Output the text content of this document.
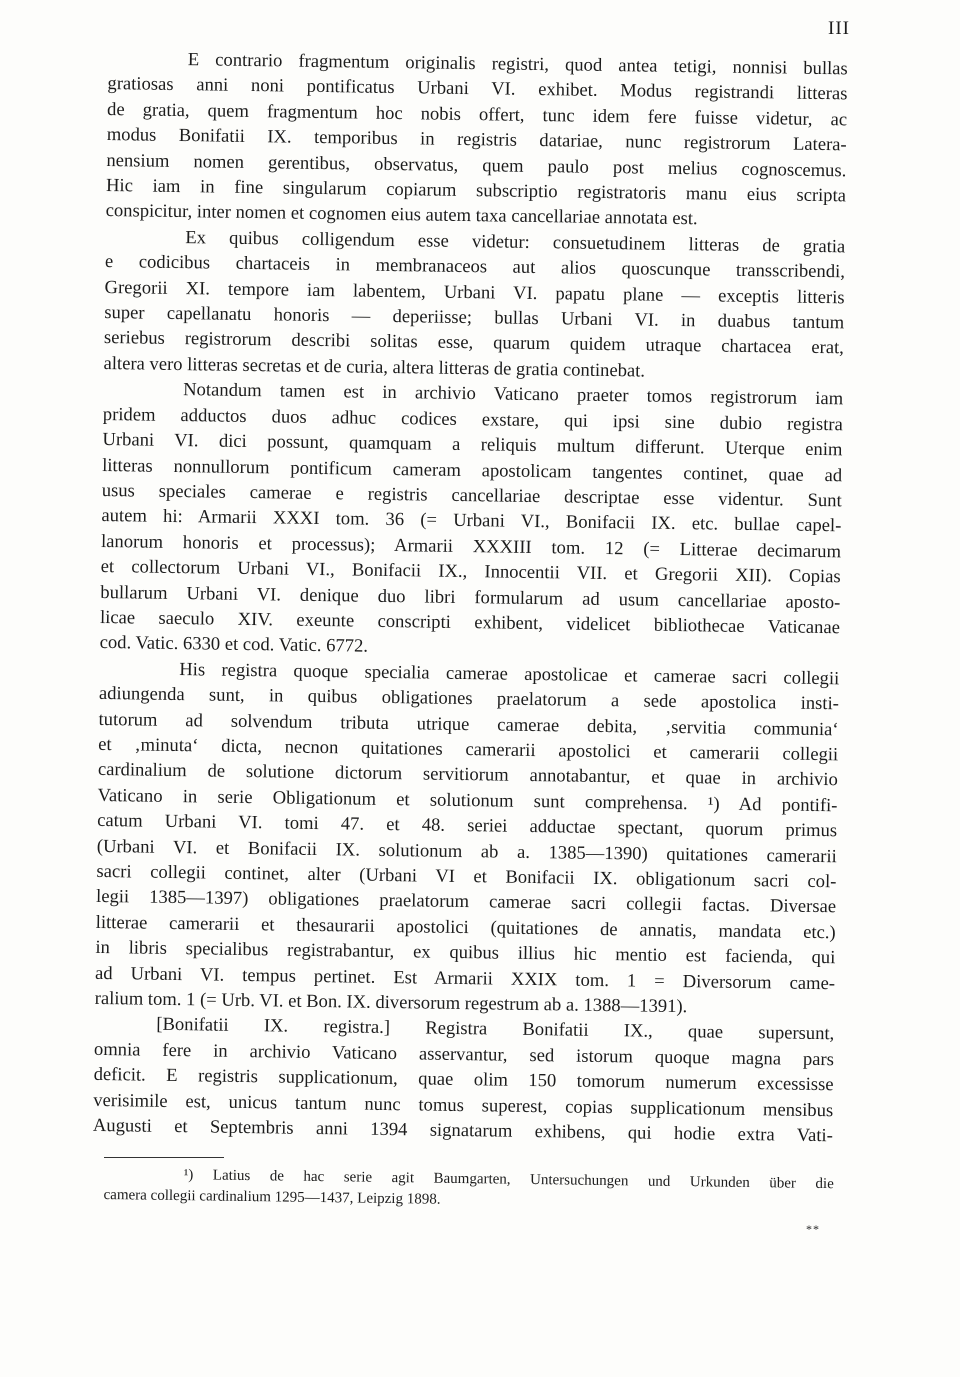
III
E contrario fragmentum originalis registri, quod antea tetigi, nonnisi bullas
gratiosas anni noni pontificatus Urbani VI. exhibet. Modus registrandi litteras
de gratia, quem fragmentum hoc nobis offert, tunc idem fere fuisse videtur, ac
modus Bonifatii IX. temporibus in registris datariae, nunc registrorum Latera-
nensium nomen gerentibus, observatus, quem paulo post melius cognoscemus.
Hic iam in fine singularum copiarum subscriptio registratoris manu eius scripta
conspicitur, inter nomen et cognomen eius autem taxa cancellariae annotata est.
Ex quibus colligendum esse videtur: consuetudinem litteras de gratia
e codicibus chartaceis in membranaceos aut alios quoscunque transscribendi,
Gregorii XI. tempore iam labentem, Urbani VI. papatu plane — exceptis litteris
super capellanatu honoris — deperiisse; bullas Urbani VI. in duabus tantum
seriebus registrorum describi solitas esse, quarum quidem utraque chartacea erat,
altera vero litteras secretas et de curia, altera litteras de gratia continebat.
Notandum tamen est in archivio Vaticano praeter tomos registrorum iam
pridem adductos duos adhuc codices exstare, qui ipsi sine dubio registra
Urbani VI. dici possunt, quamquam a reliquis multum differunt. Uterque enim
litteras nonnullorum pontificum cameram apostolicam tangentes continet, quae ad
usus speciales camerae e registris cancellariae descriptae esse videntur. Sunt
autem hi: Armarii XXXI tom. 36 (= Urbani VI., Bonifacii IX. etc. bullae capel-
lanorum honoris et processus); Armarii XXXIII tom. 12 (= Litterae decimarum
et collectorum Urbani VI., Bonifacii IX., Innocentii VII. et Gregorii XII). Copias
bullarum Urbani VI. denique duo libri formularum ad usum cancellariae aposto-
licae saeculo XIV. exeunte conscripti exhibent, videlicet bibliothecae Vaticanae
cod. Vatic. 6330 et cod. Vatic. 6772.
His registra quoque specialia camerae apostolicae et camerae sacri collegii
adiungenda sunt, in quibus obligationes praelatorum a sede apostolica insti-
tutorum ad solvendum tributa utrique camerae debita, ‚servitia communia‘
et ‚minuta‘ dicta, necnon quitationes camerarii apostolici et camerarii collegii
cardinalium de solutione dictorum servitiorum annotabantur, et quae in archivio
Vaticano in serie Obligationum et solutionum sunt comprehensa. ¹) Ad pontifi-
catum Urbani VI. tomi 47. et 48. seriei adductae spectant, quorum primus
(Urbani VI. et Bonifacii IX. solutionum ab a. 1385—1390) quitationes camerarii
sacri collegii continet, alter (Urbani VI et Bonifacii IX. obligationum sacri col-
legii 1385—1397) obligationes praelatorum camerae sacri collegii factas. Diversae
litterae camerarii et thesaurarii apostolici (quitationes de annatis, mandata etc.)
in libris specialibus registrabantur, ex quibus illius hic mentio est facienda, qui
ad Urbani VI. tempus pertinet. Est Armarii XXIX tom. 1 = Diversorum came-
ralium tom. 1 (= Urb. VI. et Bon. IX. diversorum regestrum ab a. 1388—1391).
[Bonifatii IX. registra.] Registra Bonifatii IX., quae supersunt,
omnia fere in archivio Vaticano asservantur, sed istorum quoque magna pars
deficit. E registris supplicationum, quae olim 150 tomorum numerum excessisse
verisimile est, unicus tantum nunc tomus superest, copias supplicationum mensibus
Augusti et Septembris anni 1394 signatarum exhibens, qui hodie extra Vati-
¹) Latius de hac serie agit Baumgarten, Untersuchungen und Urkunden über die
camera collegii cardinalium 1295—1437, Leipzig 1898.
**
